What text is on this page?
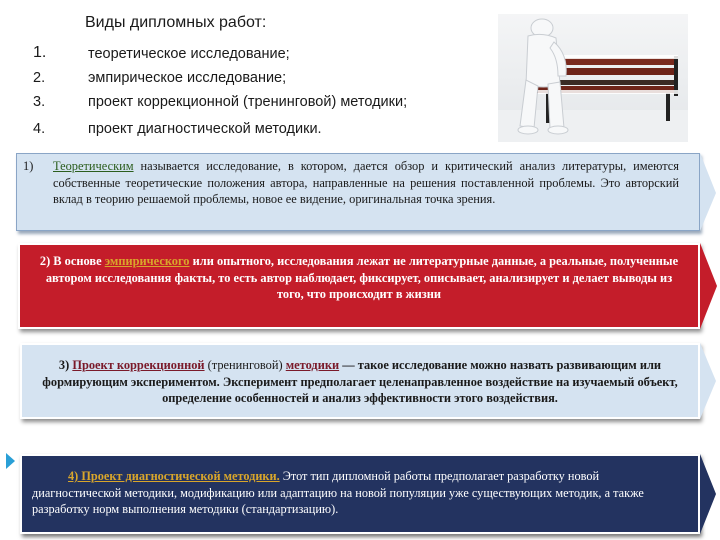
Виды дипломных работ:
1.	теоретическое исследование;
2.	эмпирическое исследование;
3.	проект коррекционной (тренинговой) методики;
4.	проект диагностической методики.
1) Теоретическим называется исследование, в котором, дается обзор и критический анализ литературы, имеются собственные теоретические положения автора, направленные на решения поставленной проблемы. Это авторский вклад в теорию решаемой проблемы, новое ее видение, оригинальная точка зрения.
2) В основе эмпирического или опытного, исследования лежат не литературные данные, а реальные, полученные автором исследования факты, то есть автор наблюдает, фиксирует, описывает, анализирует и делает выводы из того, что происходит в жизни
3) Проект коррекционной (тренинговой) методики — такое исследование можно назвать развивающим или формирующим экспериментом. Эксперимент предполагает целенаправленное воздействие на изучаемый объект, определение особенностей и анализ эффективности этого воздействия.
4) Проект диагностической методики. Этот тип дипломной работы предполагает разработку новой диагностической методики, модификацию или адаптацию на новой популяции уже существующих методик, а также разработку норм выполнения методики (стандартизацию).
